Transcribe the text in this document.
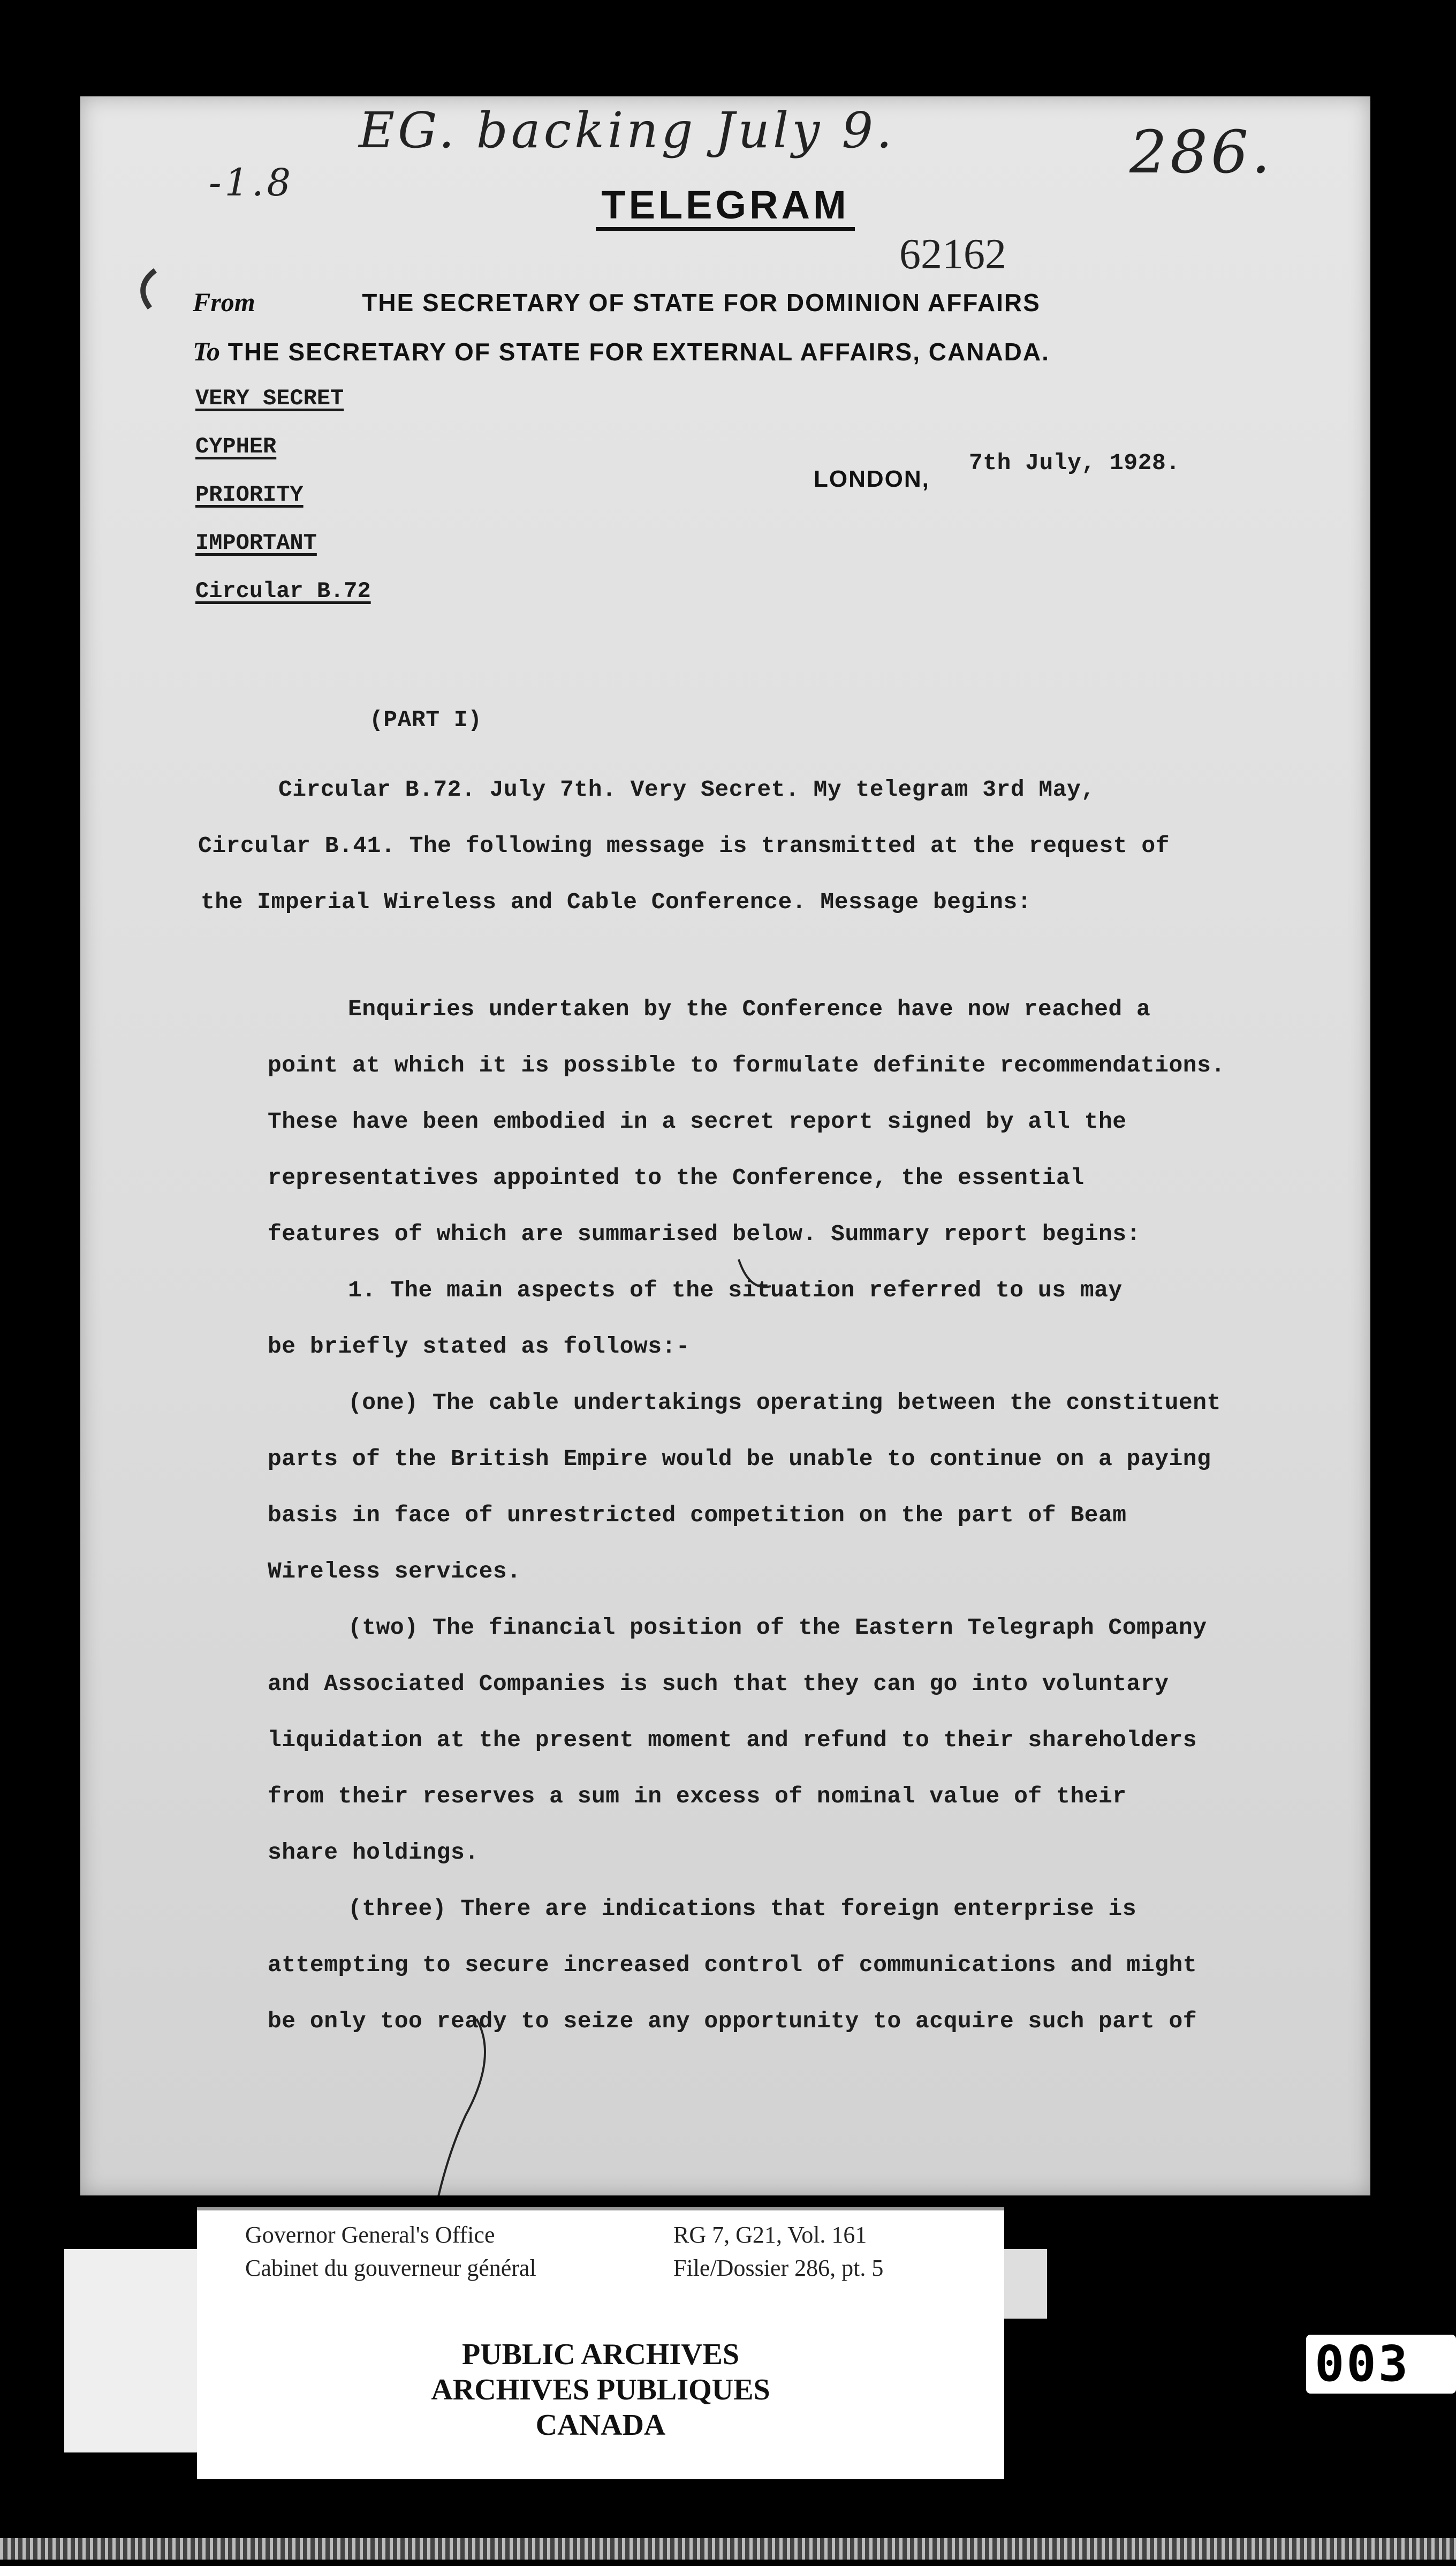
EG. backing July 9.	286.
-1.8	TELEGRAM
62162
From	THE SECRETARY OF STATE FOR DOMINION AFFAIRS
To THE SECRETARY OF STATE FOR EXTERNAL AFFAIRS, CANADA.
VERY SECRET
CYPHER
PRIORITY
IMPORTANT
Circular B.72
LONDON,
7th July, 1928.
(PART I)
Circular B.72. July 7th. Very Secret. My telegram 3rd May,
Circular B.41. The following message is transmitted at the request of
the Imperial Wireless and Cable Conference. Message begins:
Enquiries undertaken by the Conference have now reached a
point at which it is possible to formulate definite recommendations.
These have been embodied in a secret report signed by all the
representatives appointed to the Conference, the essential
features of which are summarised below. Summary report begins:
1. The main aspects of the situation referred to us may
be briefly stated as follows:-
(one) The cable undertakings operating between the constituent
parts of the British Empire would be unable to continue on a paying
basis in face of unrestricted competition on the part of Beam
Wireless services.
(two) The financial position of the Eastern Telegraph Company
and Associated Companies is such that they can go into voluntary
liquidation at the present moment and refund to their shareholders
from their reserves a sum in excess of nominal value of their
share holdings.
(three) There are indications that foreign enterprise is
attempting to secure increased control of communications and might
be only too ready to seize any opportunity to acquire such part of
Governor General's Office
Cabinet du gouverneur général
RG 7, G21, Vol. 161
File/Dossier 286, pt. 5
PUBLIC ARCHIVES
ARCHIVES PUBLIQUES
CANADA
003
